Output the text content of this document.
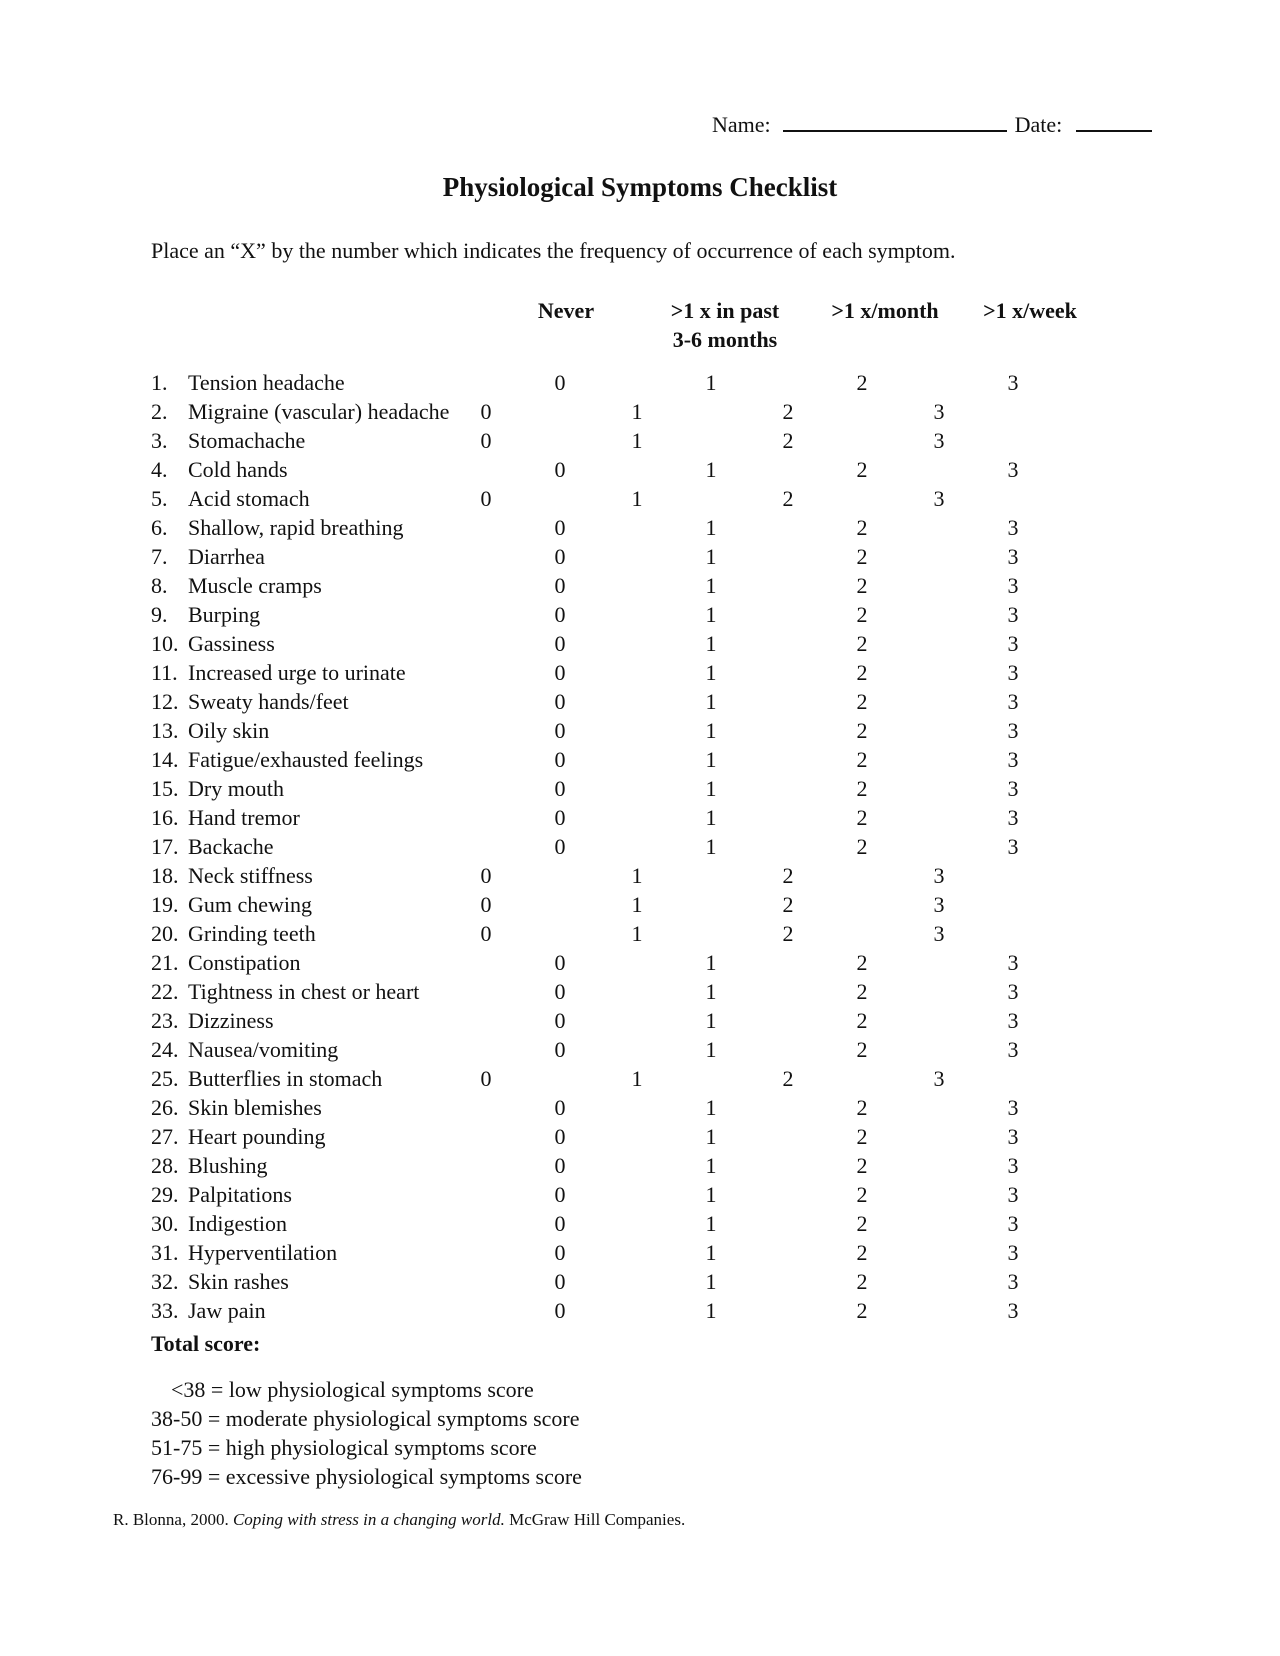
Name:	Date:
Physiological Symptoms Checklist
Place an “X” by the number which indicates the frequency of occurrence of each symptom.
Never	>1 x in past
3-6 months
>1 x/month	>1 x/week
1. Tension headache	0	1	2	3
2. Migraine (vascular) headache 0	1	2	3
3. Stomachache	0	1	2	3
4. Cold hands	0	1	2	3
5. Acid stomach	0	1	2	3
6. Shallow, rapid breathing	0	1	2	3
7. Diarrhea	0	1	2	3
8. Muscle cramps	0	1	2	3
9. Burping	0	1	2	3
10. Gassiness	0	1	2	3
11. Increased urge to urinate	0	1	2	3
12. Sweaty hands/feet	0	1	2	3
13. Oily skin	0	1	2	3
14. Fatigue/exhausted feelings	0	1	2	3
15. Dry mouth	0	1	2	3
16. Hand tremor	0	1	2	3
17. Backache	0	1	2	3
18. Neck stiffness	0	1	2	3
19. Gum chewing	0	1	2	3
20. Grinding teeth	0	1	2	3
21. Constipation	0	1	2	3
22. Tightness in chest or heart	0	1	2	3
23. Dizziness	0	1	2	3
24. Nausea/vomiting	0	1	2	3
25. Butterflies in stomach	0	1	2	3
26. Skin blemishes	0	1	2	3
27. Heart pounding	0	1	2	3
28. Blushing	0	1	2	3
29. Palpitations	0	1	2	3
30. Indigestion	0	1	2	3
31. Hyperventilation	0	1	2	3
32. Skin rashes	0	1	2	3
33. Jaw pain	0	1	2	3
Total score:
<38 = low physiological symptoms score
38-50 = moderate physiological symptoms score
51-75 = high physiological symptoms score
76-99 = excessive physiological symptoms score
R. Blonna, 2000. Coping with stress in a changing world. McGraw Hill Companies.
